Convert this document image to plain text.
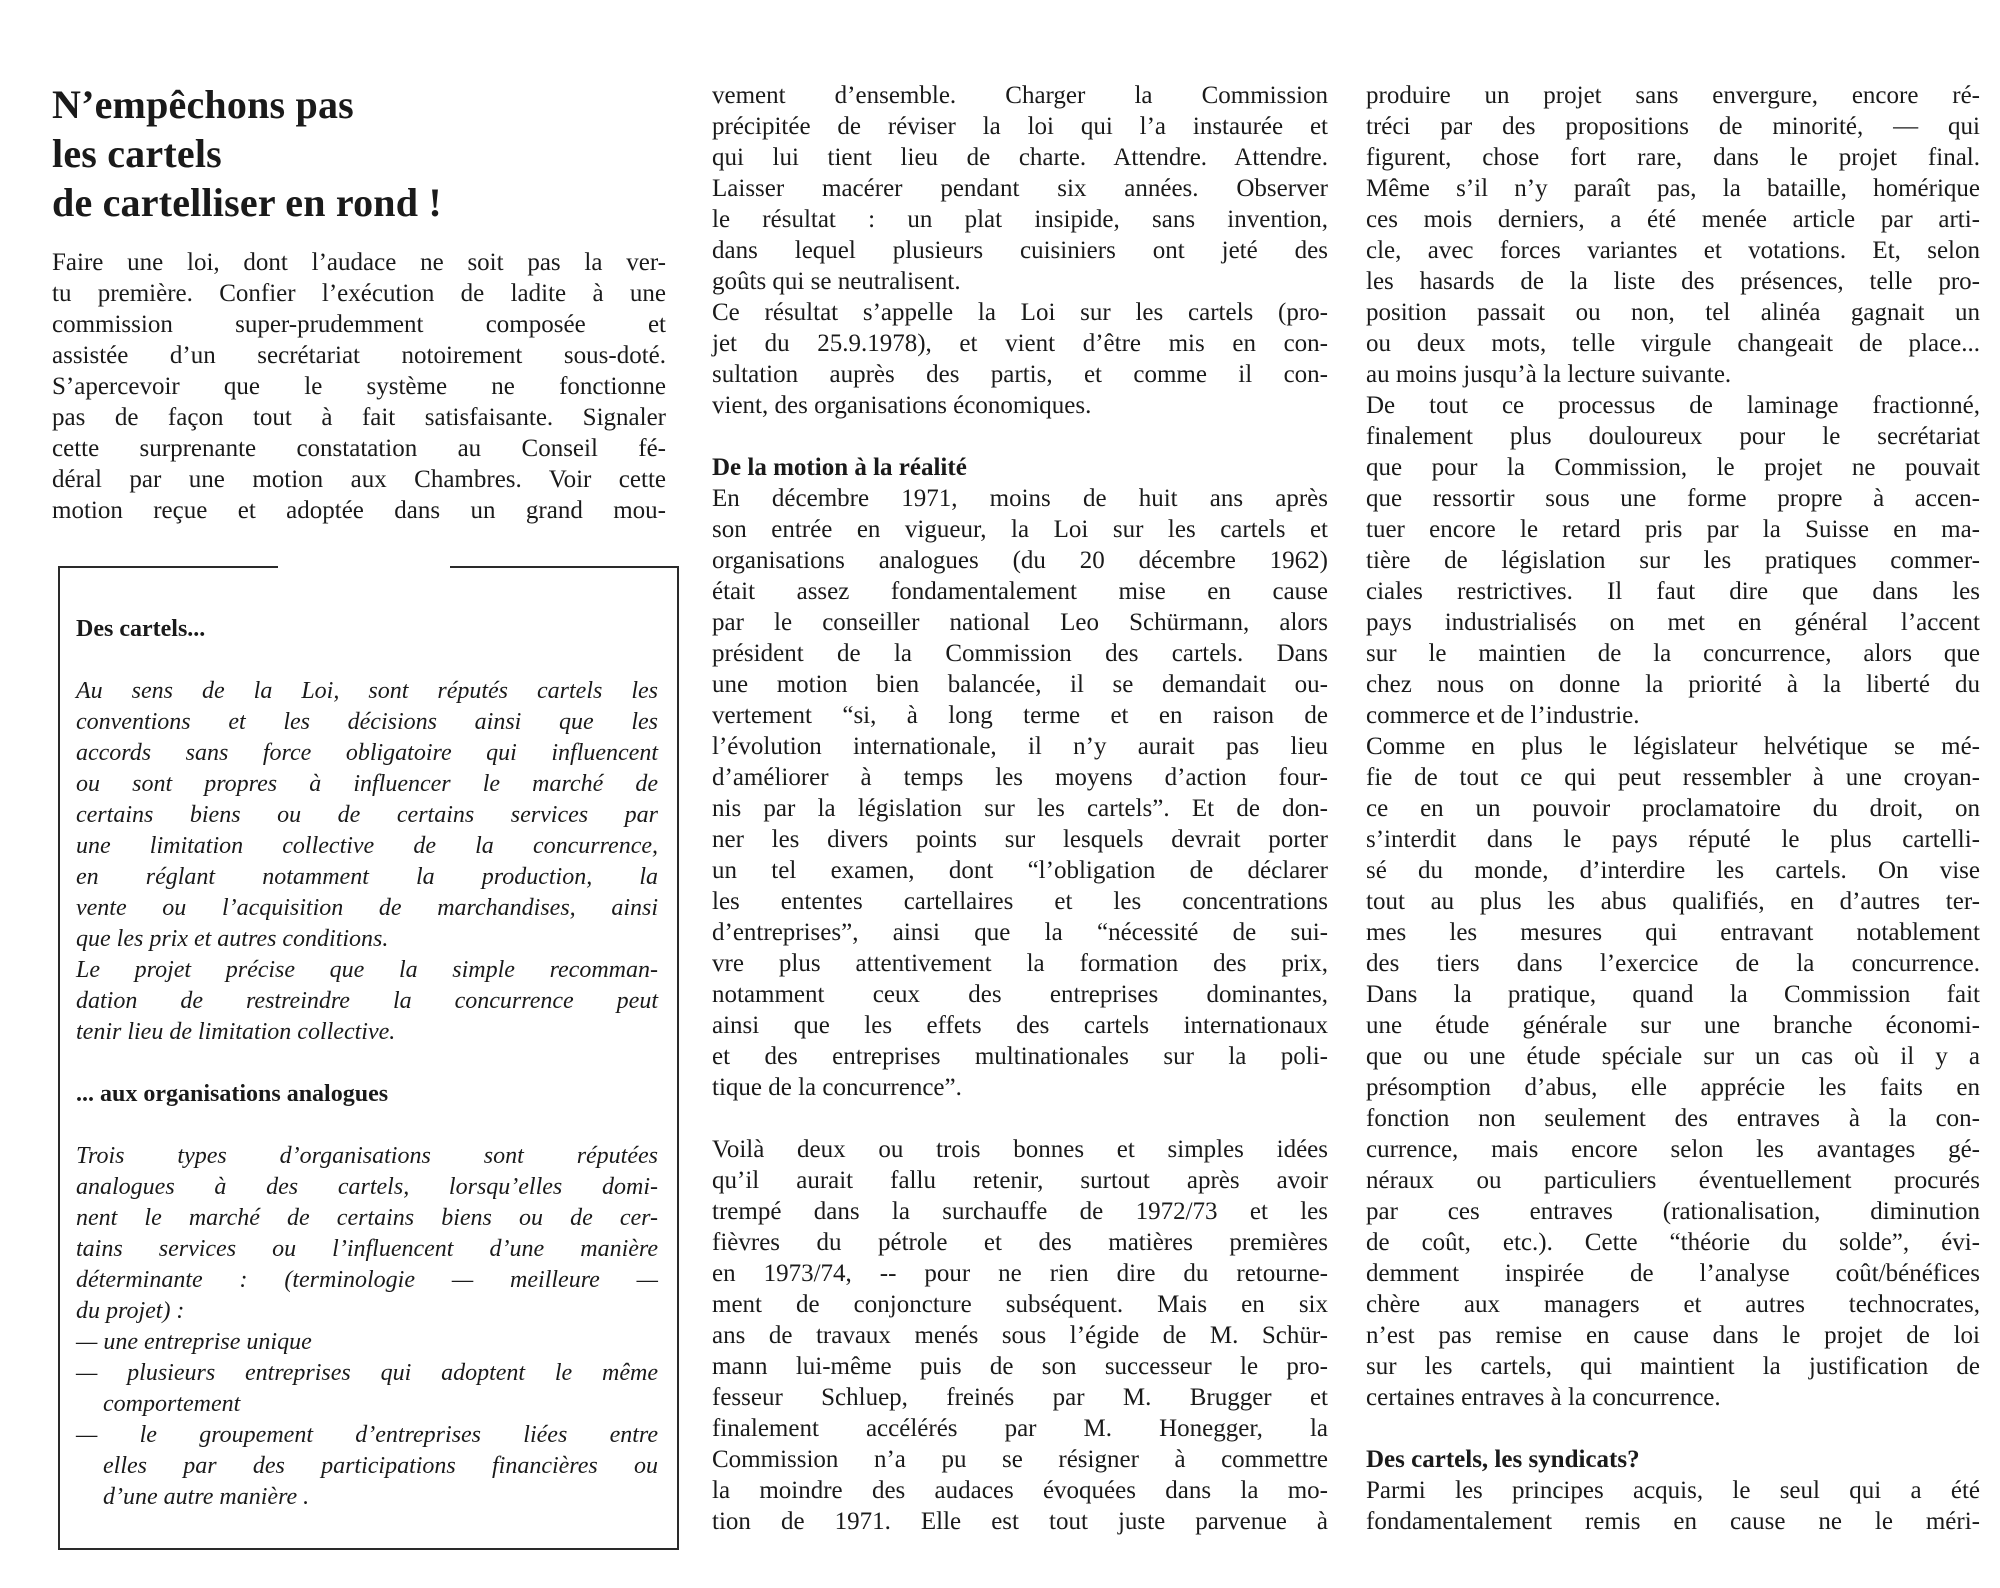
N’empêchons pas
les cartels
de cartelliser en rond !
Faire une loi, dont l’audace ne soit pas la ver-
tu première. Confier l’exécution de ladite à une
commission super-prudemment composée et
assistée d’un secrétariat notoirement sous-doté.
S’apercevoir que le système ne fonctionne
pas de façon tout à fait satisfaisante. Signaler
cette surprenante constatation au Conseil fé-
déral par une motion aux Chambres. Voir cette
motion reçue et adoptée dans un grand mou-
Des cartels...
Au sens de la Loi, sont réputés cartels les
conventions et les décisions ainsi que les
accords sans force obligatoire qui influencent
ou sont propres à influencer le marché de
certains biens ou de certains services par
une limitation collective de la concurrence,
en réglant notamment la production, la
vente ou l’acquisition de marchandises, ainsi
que les prix et autres conditions.
Le projet précise que la simple recomman-
dation de restreindre la concurrence peut
tenir lieu de limitation collective.
... aux organisations analogues
Trois types d’organisations sont réputées
analogues à des cartels, lorsqu’elles domi-
nent le marché de certains biens ou de cer-
tains services ou l’influencent d’une manière
déterminante : (terminologie — meilleure —
du projet) :
— une entreprise unique
— plusieurs entreprises qui adoptent le même
comportement
— le groupement d’entreprises liées entre
elles par des participations financières ou
d’une autre manière .
vement d’ensemble. Charger la Commission
précipitée de réviser la loi qui l’a instaurée et
qui lui tient lieu de charte. Attendre. Attendre.
Laisser macérer pendant six années. Observer
le résultat : un plat insipide, sans invention,
dans lequel plusieurs cuisiniers ont jeté des
goûts qui se neutralisent.
Ce résultat s’appelle la Loi sur les cartels (pro-
jet du 25.9.1978), et vient d’être mis en con-
sultation auprès des partis, et comme il con-
vient, des organisations économiques.
De la motion à la réalité
En décembre 1971, moins de huit ans après
son entrée en vigueur, la Loi sur les cartels et
organisations analogues (du 20 décembre 1962)
était assez fondamentalement mise en cause
par le conseiller national Leo Schürmann, alors
président de la Commission des cartels. Dans
une motion bien balancée, il se demandait ou-
vertement “si, à long terme et en raison de
l’évolution internationale, il n’y aurait pas lieu
d’améliorer à temps les moyens d’action four-
nis par la législation sur les cartels”. Et de don-
ner les divers points sur lesquels devrait porter
un tel examen, dont “l’obligation de déclarer
les ententes cartellaires et les concentrations
d’entreprises”, ainsi que la “nécessité de sui-
vre plus attentivement la formation des prix,
notamment ceux des entreprises dominantes,
ainsi que les effets des cartels internationaux
et des entreprises multinationales sur la poli-
tique de la concurrence”.
Voilà deux ou trois bonnes et simples idées
qu’il aurait fallu retenir, surtout après avoir
trempé dans la surchauffe de 1972/73 et les
fièvres du pétrole et des matières premières
en 1973/74, -- pour ne rien dire du retourne-
ment de conjoncture subséquent. Mais en six
ans de travaux menés sous l’égide de M. Schür-
mann lui-même puis de son successeur le pro-
fesseur Schluep, freinés par M. Brugger et
finalement accélérés par M. Honegger, la
Commission n’a pu se résigner à commettre
la moindre des audaces évoquées dans la mo-
tion de 1971. Elle est tout juste parvenue à
produire un projet sans envergure, encore ré-
tréci par des propositions de minorité, — qui
figurent, chose fort rare, dans le projet final.
Même s’il n’y paraît pas, la bataille, homérique
ces mois derniers, a été menée article par arti-
cle, avec forces variantes et votations. Et, selon
les hasards de la liste des présences, telle pro-
position passait ou non, tel alinéa gagnait un
ou deux mots, telle virgule changeait de place...
au moins jusqu’à la lecture suivante.
De tout ce processus de laminage fractionné,
finalement plus douloureux pour le secrétariat
que pour la Commission, le projet ne pouvait
que ressortir sous une forme propre à accen-
tuer encore le retard pris par la Suisse en ma-
tière de législation sur les pratiques commer-
ciales restrictives. Il faut dire que dans les
pays industrialisés on met en général l’accent
sur le maintien de la concurrence, alors que
chez nous on donne la priorité à la liberté du
commerce et de l’industrie.
Comme en plus le législateur helvétique se mé-
fie de tout ce qui peut ressembler à une croyan-
ce en un pouvoir proclamatoire du droit, on
s’interdit dans le pays réputé le plus cartelli-
sé du monde, d’interdire les cartels. On vise
tout au plus les abus qualifiés, en d’autres ter-
mes les mesures qui entravant notablement
des tiers dans l’exercice de la concurrence.
Dans la pratique, quand la Commission fait
une étude générale sur une branche économi-
que ou une étude spéciale sur un cas où il y a
présomption d’abus, elle apprécie les faits en
fonction non seulement des entraves à la con-
currence, mais encore selon les avantages gé-
néraux ou particuliers éventuellement procurés
par ces entraves (rationalisation, diminution
de coût, etc.). Cette “théorie du solde”, évi-
demment inspirée de l’analyse coût/bénéfices
chère aux managers et autres technocrates,
n’est pas remise en cause dans le projet de loi
sur les cartels, qui maintient la justification de
certaines entraves à la concurrence.
Des cartels, les syndicats?
Parmi les principes acquis, le seul qui a été
fondamentalement remis en cause ne le méri-
